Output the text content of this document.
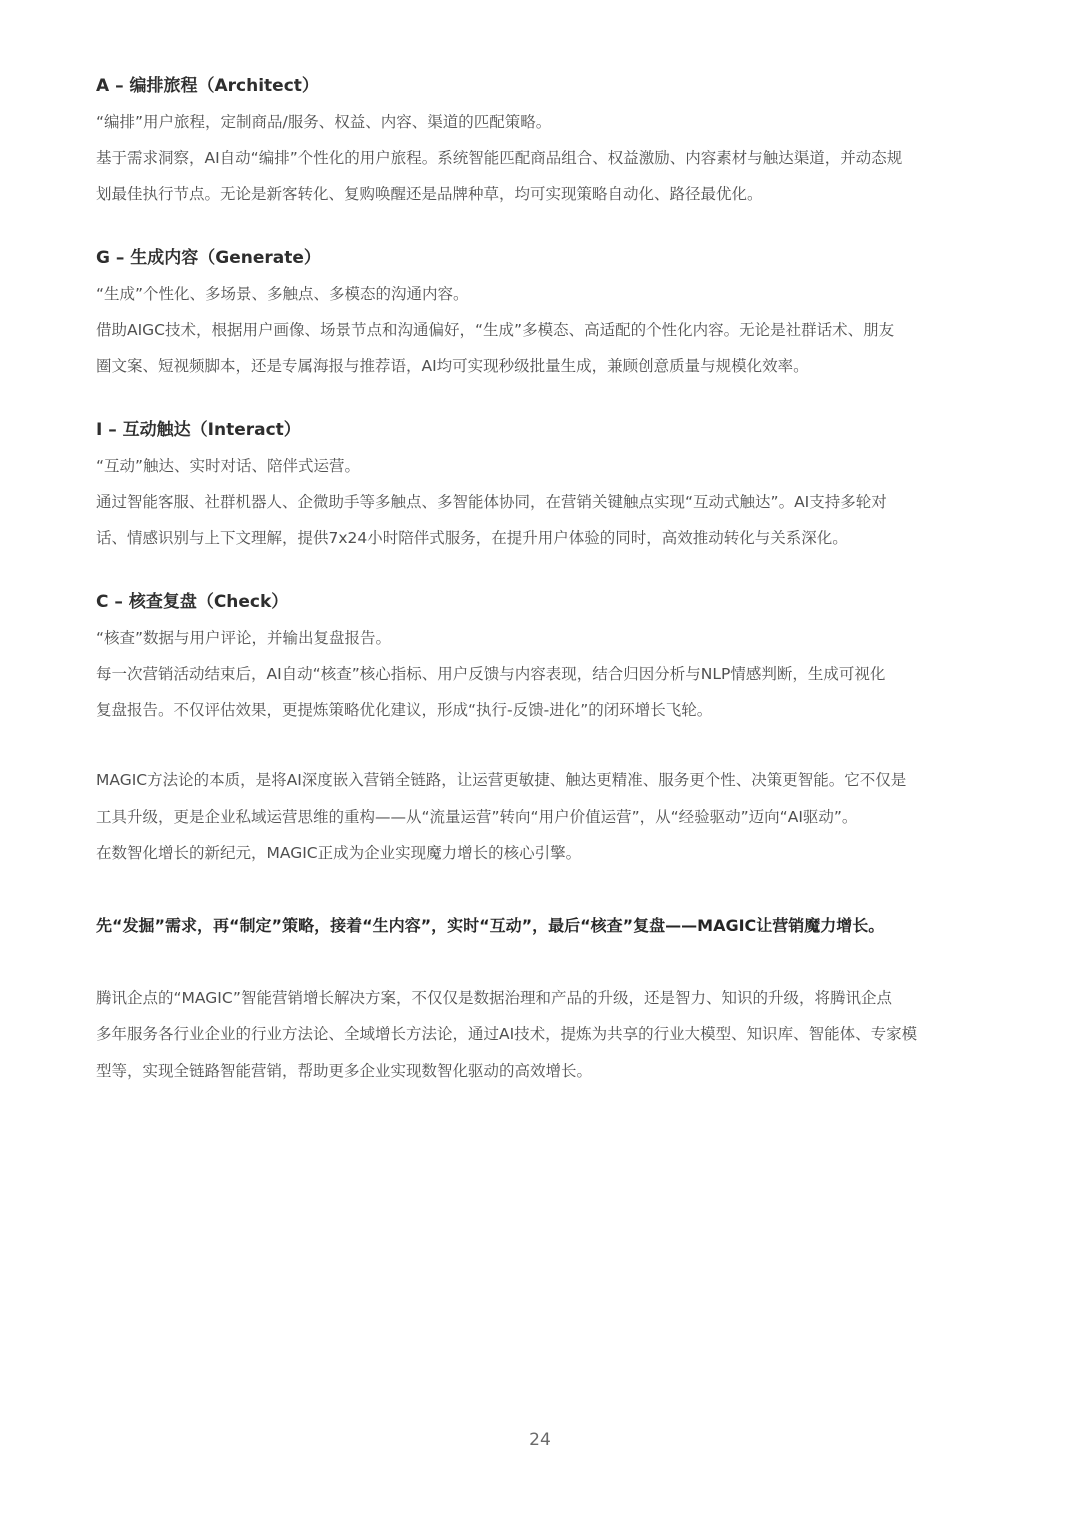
A – 编排旅程（Architect）

“编排”用户旅程，定制商品/服务、权益、内容、渠道的匹配策略。

基于需求洞察，AI自动“编排”个性化的用户旅程。系统智能匹配商品组合、权益激励、内容素材与触达渠道，并动态规

划最佳执行节点。无论是新客转化、复购唤醒还是品牌种草，均可实现策略自动化、路径最优化。

G – 生成内容（Generate）

“生成”个性化、多场景、多触点、多模态的沟通内容。

借助AIGC技术，根据用户画像、场景节点和沟通偏好，“生成”多模态、高适配的个性化内容。无论是社群话术、朋友

圈文案、短视频脚本，还是专属海报与推荐语，AI均可实现秒级批量生成，兼顾创意质量与规模化效率。

I – 互动触达（Interact）

“互动”触达、实时对话、陪伴式运营。

通过智能客服、社群机器人、企微助手等多触点、多智能体协同，在营销关键触点实现“互动式触达”。AI支持多轮对

话、情感识别与上下文理解，提供7x24小时陪伴式服务，在提升用户体验的同时，高效推动转化与关系深化。

C – 核查复盘（Check）

“核查”数据与用户评论，并输出复盘报告。

每一次营销活动结束后，AI自动“核查”核心指标、用户反馈与内容表现，结合归因分析与NLP情感判断，生成可视化

复盘报告。不仅评估效果，更提炼策略优化建议，形成“执行-反馈-进化”的闭环增长飞轮。

MAGIC方法论的本质，是将AI深度嵌入营销全链路，让运营更敏捷、触达更精准、服务更个性、决策更智能。它不仅是

工具升级，更是企业私域运营思维的重构——从“流量运营”转向“用户价值运营”，从“经验驱动”迈向“AI驱动”。

在数智化增长的新纪元，MAGIC正成为企业实现魔力增长的核心引擎。

先“发掘”需求，再“制定”策略，接着“生内容”，实时“互动”，最后“核查”复盘——MAGIC让营销魔力增长。

腾讯企点的“MAGIC”智能营销增长解决方案，不仅仅是数据治理和产品的升级，还是智力、知识的升级，将腾讯企点

多年服务各行业企业的行业方法论、全域增长方法论，通过AI技术，提炼为共享的行业大模型、知识库、智能体、专家模

型等，实现全链路智能营销，帮助更多企业实现数智化驱动的高效增长。

24
